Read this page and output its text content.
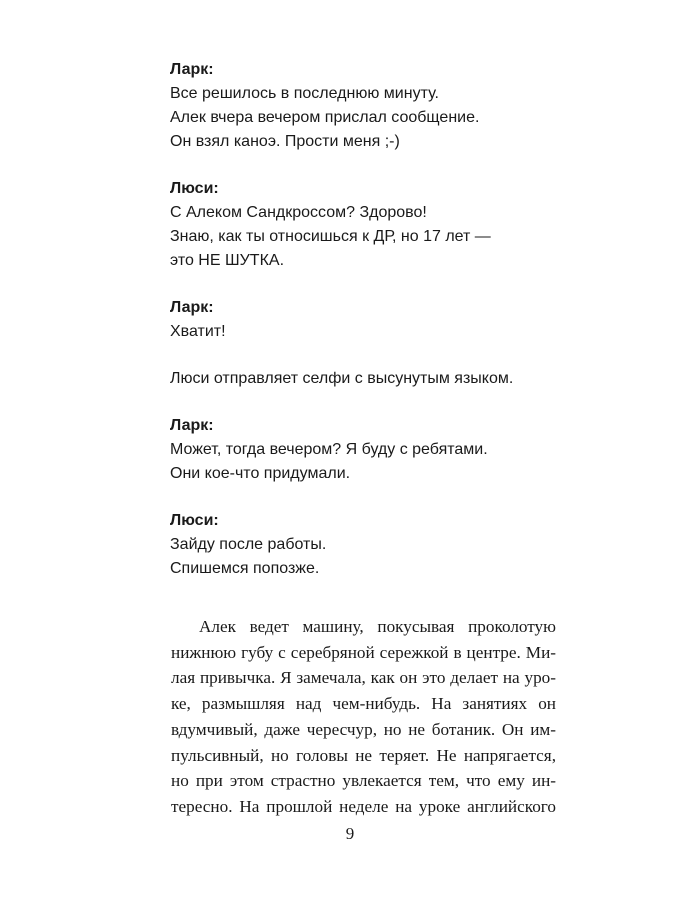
Ларк:
Все решилось в последнюю минуту.
Алек вчера вечером прислал сообщение.
Он взял каноэ. Прости меня ;-)
Люси:
С Алеком Сандкроссом? Здорово!
Знаю, как ты относишься к ДР, но 17 лет —
это НЕ ШУТКА.
Ларк:
Хватит!
Люси отправляет селфи с высунутым языком.
Ларк:
Может, тогда вечером? Я буду с ребятами.
Они кое-что придумали.
Люси:
Зайду после работы.
Спишемся попозже.
Алек ведет машину, покусывая проколотую
нижнюю губу с серебряной сережкой в центре. Ми-
лая привычка. Я замечала, как он это делает на уро-
ке, размышляя над чем-нибудь. На занятиях он
вдумчивый, даже чересчур, но не ботаник. Он им-
пульсивный, но головы не теряет. Не напрягается,
но при этом страстно увлекается тем, что ему ин-
тересно. На прошлой неделе на уроке английского
9
